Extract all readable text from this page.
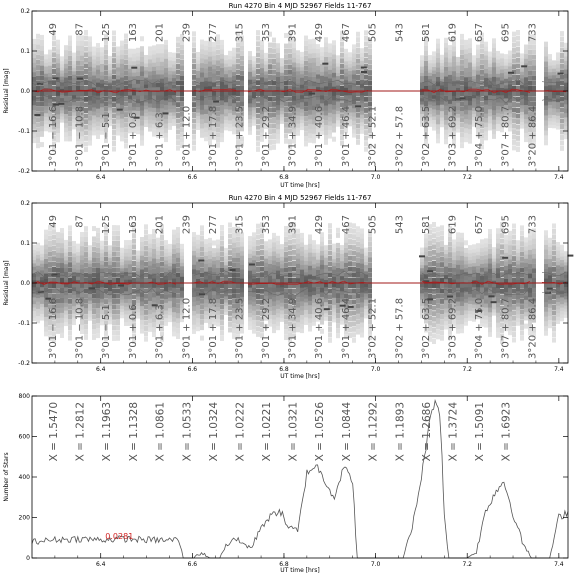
Run 4270 Bin 4 MJD 52967 Fields 11-767
49
3°01 − 16.6
87
3°01 − 10.8
125
3°01 − 5.1
163
3°01 + 0.6
201
3°01 + 6.3
239
3°01 + 12.0
277
3°01 + 17.8
315
3°01 + 23.5
353
3°01 + 29.2
391
3°01 + 34.9
429
3°01 + 40.6
467
3°01 + 46.4
505
3°02 + 52.1
543
3°02 + 57.8
581
3°02 + 63.5
619
3°03 + 69.2
657
3°04 + 75.0
695
3°07 + 80.7
733
3°20 + 86.4
6.4	6.6	6.8	7.0	7.2	7.4
-0.2
-0.1
0.0
0.1
0.2
UT time [hrs]
Residual [mag]
Run 4270 Bin 4 MJD 52967 Fields 11-767
49
3°01 − 16.6
87
3°01 − 10.8
125
3°01 − 5.1
163
3°01 + 0.6
201
3°01 + 6.3
239
3°01 + 12.0
277
3°01 + 17.8
315
3°01 + 23.5
353
3°01 + 29.2
391
3°01 + 34.9
429
3°01 + 40.6
467
3°01 + 46.4
505
3°02 + 52.1
543
3°02 + 57.8
581
3°02 + 63.5
619
3°03 + 69.2
657
3°04 + 75.0
695
3°07 + 80.7
733
3°20 + 86.4
6.4	6.6	6.8	7.0	7.2	7.4
-0.2
-0.1
0.0
0.1
0.2
UT time [hrs]
Residual [mag]
X = 1.5470 X = 1.2812 X = 1.1963 X = 1.1328 X = 1.0861 X = 1.0533 X = 1.0324 X = 1.0222 X = 1.0221 X = 1.0321 X = 1.0526 X = 1.0844 X = 1.1292 X = 1.1893 X = 1.2686 X = 1.3724 X = 1.5091 X = 1.6923
0.0281
6.4	6.6	6.8	7.0	7.2	7.4
0
200
400
600
800
UT time [hrs]
Number of Stars
